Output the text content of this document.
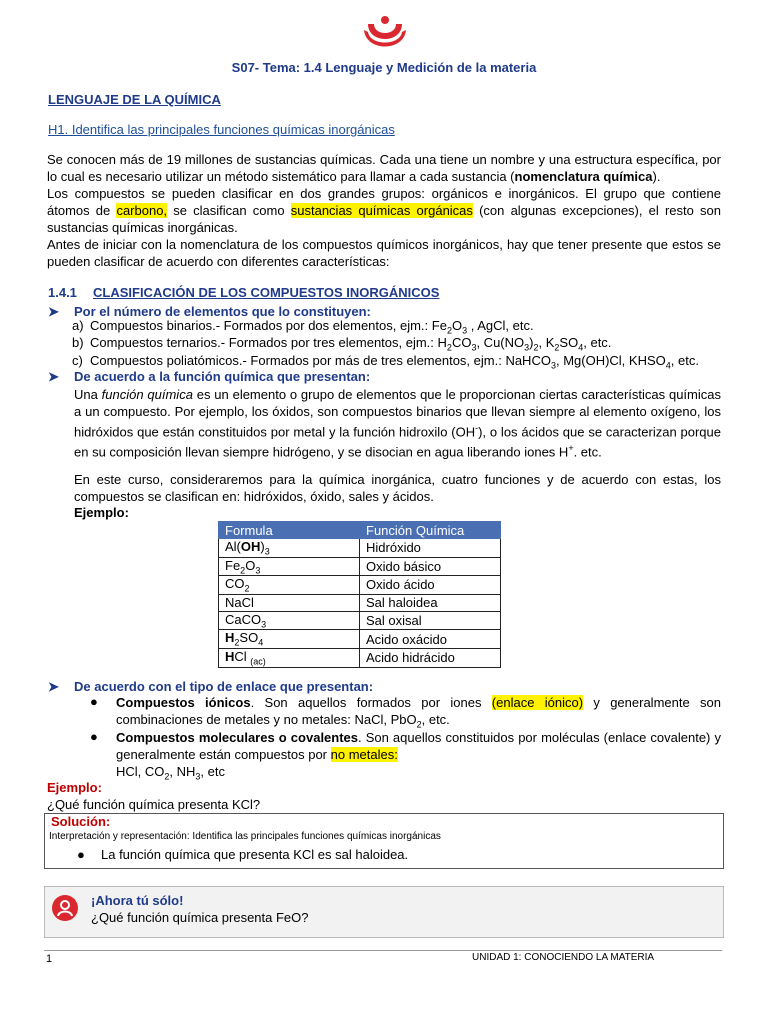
S07- Tema: 1.4 Lenguaje y Medición de la materia
LENGUAJE DE LA QUÍMICA
H1. Identifica las principales funciones químicas inorgánicas
Se conocen más de 19 millones de sustancias químicas. Cada una tiene un nombre y una estructura específica, por lo cual es necesario utilizar un método sistemático para llamar a cada sustancia (nomenclatura química).
Los compuestos se pueden clasificar en dos grandes grupos: orgánicos e inorgánicos. El grupo que contiene átomos de carbono, se clasifican como sustancias químicas orgánicas (con algunas excepciones), el resto son sustancias químicas inorgánicas.
Antes de iniciar con la nomenclatura de los compuestos químicos inorgánicos, hay que tener presente que estos se pueden clasificar de acuerdo con diferentes características:
1.4.1 CLASIFICACIÓN DE LOS COMPUESTOS INORGÁNICOS
➤ Por el número de elementos que lo constituyen:
a) Compuestos binarios.- Formados por dos elementos, ejm.: $Fe_2O_3$ , AgCl, etc.
b) Compuestos ternarios.- Formados por tres elementos, ejm.: $H_2CO_3$, $Cu(NO_3)_2$, $K_2SO_4$, etc.
c) Compuestos poliatómicos.- Formados por más de tres elementos, ejm.: NaHCO$_3$, Mg(OH)Cl, $KHSO_4$, etc.
➤ De acuerdo a la función química que presentan:
Una función química es un elemento o grupo de elementos que le proporcionan ciertas características químicas a un compuesto. Por ejemplo, los óxidos, son compuestos binarios que llevan siempre al elemento oxígeno, los hidróxidos que están constituidos por metal y la función hidroxilo (OH-), o los ácidos que se caracterizan porque en su composición llevan siempre hidrógeno, y se disocian en agua liberando iones H+. etc.
En este curso, consideraremos para la química inorgánica, cuatro funciones y de acuerdo con estas, los compuestos se clasifican en: hidróxidos, óxido, sales y ácidos.
Ejemplo:
Formula	Función Química
$Al(OH)_3$	Hidróxido
$Fe_2O_3$	Oxido básico
$CO_2$	Oxido ácido
NaCl	Sal haloidea
CaCO$_3$	Sal oxisal
$H_2SO_4$	Acido oxácido
HCl $_{(ac)}$	Acido hidrácido
➤ De acuerdo con el tipo de enlace que presentan:
●	Compuestos iónicos. Son aquellos formados por iones (enlace iónico) y generalmente son combinaciones de metales y no metales: NaCl, PbO$_2$, etc.
●	Compuestos moleculares o covalentes. Son aquellos constituidos por moléculas (enlace covalente) y generalmente están compuestos por no metales:
HCl, $CO_2$, $NH_3$, etc
Ejemplo:
¿Qué función química presenta KCl?
Solución:
Interpretación y representación: Identifica las principales funciones químicas inorgánicas
● La función química que presenta KCl es sal haloidea.
¡Ahora tú sólo!
¿Qué función química presenta FeO?
1	UNIDAD 1: CONOCIENDO LA MATERIA
